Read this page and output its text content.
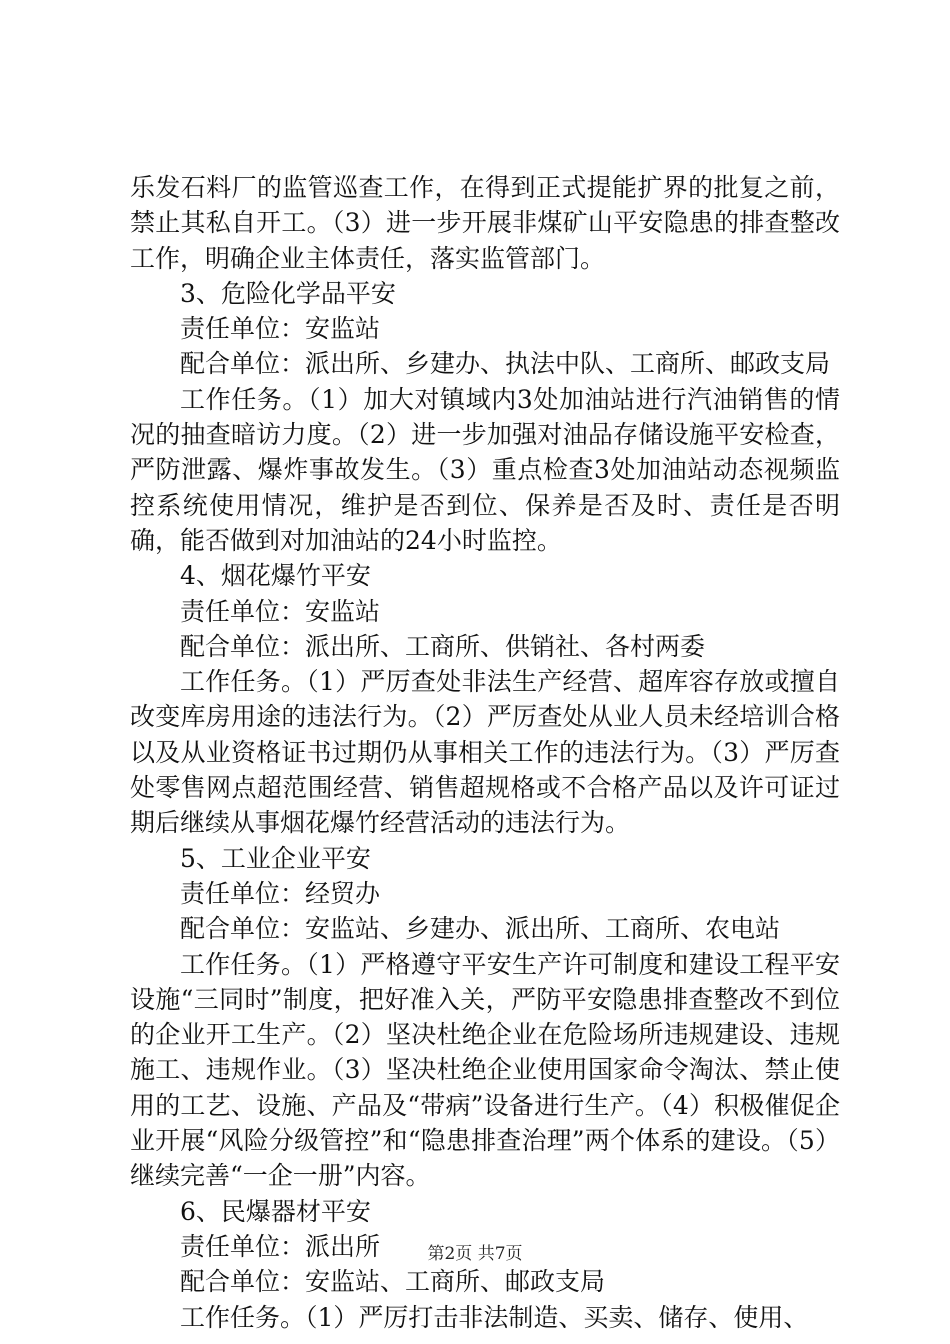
乐发石料厂的监管巡查工作，在得到正式提能扩界的批复之前，禁止其私自开工。（3）进一步开展非煤矿山平安隐患的排查整改工作，明确企业主体责任，落实监管部门。

3、危险化学品平安

责任单位：安监站

配合单位：派出所、乡建办、执法中队、工商所、邮政支局

工作任务。（1）加大对镇域内3处加油站进行汽油销售的情况的抽查暗访力度。（2）进一步加强对油品存储设施平安检查，严防泄露、爆炸事故发生。（3）重点检查3处加油站动态视频监控系统使用情况，维护是否到位、保养是否及时、责任是否明确，能否做到对加油站的24小时监控。

4、烟花爆竹平安

责任单位：安监站

配合单位：派出所、工商所、供销社、各村两委

工作任务。（1）严厉查处非法生产经营、超库容存放或擅自改变库房用途的违法行为。（2）严厉查处从业人员未经培训合格以及从业资格证书过期仍从事相关工作的违法行为。（3）严厉查处零售网点超范围经营、销售超规格或不合格产品以及许可证过期后继续从事烟花爆竹经营活动的违法行为。

5、工业企业平安

责任单位：经贸办

配合单位：安监站、乡建办、派出所、工商所、农电站

工作任务。（1）严格遵守平安生产许可制度和建设工程平安设施“三同时”制度，把好准入关，严防平安隐患排查整改不到位的企业开工生产。（2）坚决杜绝企业在危险场所违规建设、违规施工、违规作业。（3）坚决杜绝企业使用国家命令淘汰、禁止使用的工艺、设施、产品及“带病”设备进行生产。（4）积极催促企业开展“风险分级管控”和“隐患排查治理”两个体系的建设。（5）继续完善“一企一册”内容。

6、民爆器材平安

责任单位：派出所

配合单位：安监站、工商所、邮政支局

工作任务。（1）严厉打击非法制造、买卖、储存、使用、

第2页 共7页
